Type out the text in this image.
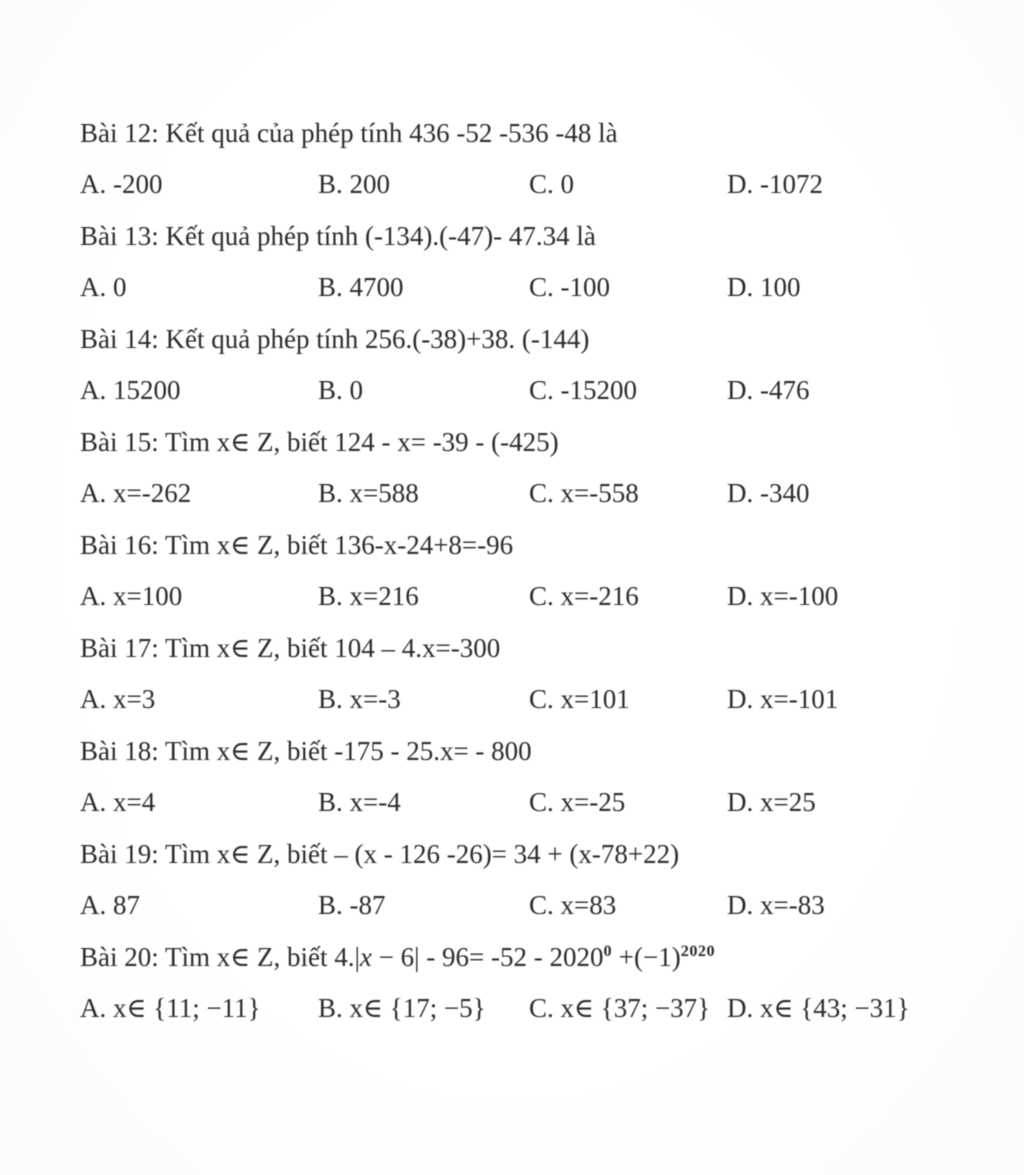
Bài 12: Kết quả của phép tính 436 -52 -536 -48 là

A. -200	B. 200	C. 0	D. -1072

Bài 13: Kết quả phép tính (-134).(-47)- 47.34 là

A. 0	B. 4700	C. -100	D. 100

Bài 14: Kết quả phép tính 256.(-38)+38. (-144)

A. 15200	B. 0	C. -15200	D. -476

Bài 15: Tìm x∈ Z, biết 124 - x= -39 - (-425)

A. x=-262	B. x=588	C. x=-558	D. -340

Bài 16: Tìm x∈ Z, biết 136-x-24+8=-96

A. x=100	B. x=216	C. x=-216	D. x=-100

Bài 17: Tìm x∈ Z, biết 104 – 4.x=-300

A. x=3	B. x=-3	C. x=101	D. x=-101

Bài 18: Tìm x∈ Z, biết -175 - 25.x= - 800

A. x=4	B. x=-4	C. x=-25	D. x=25

Bài 19: Tìm x∈ Z, biết – (x - 126 -26)= 34 + (x-78+22)

A. 87	B. -87	C. x=83	D. x=-83

Bài 20: Tìm x∈ Z, biết $4.|x - 6| - 96= -52 - 2020^0 +(-1)^{2020}$

A. x∈ {11; −11}	B. x∈ {17; −5}	C. x∈ {37; −37} D. x∈ {43; −31}
